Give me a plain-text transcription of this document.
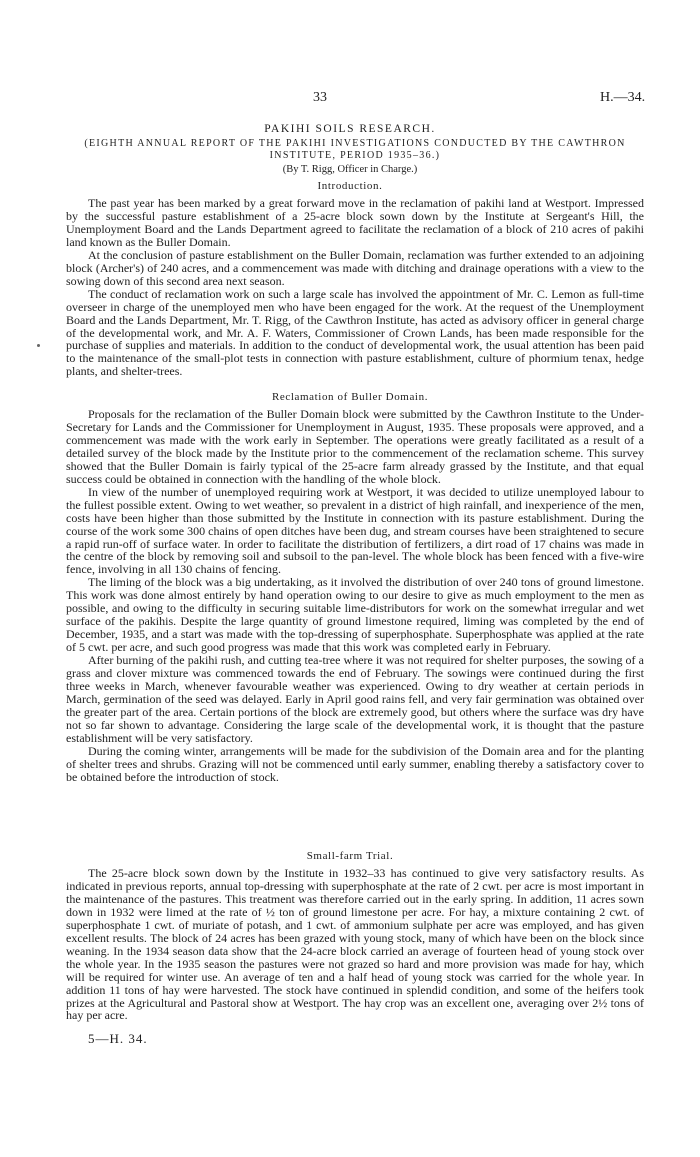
33	H.—34.
PAKIHI SOILS RESEARCH.
(EIGHTH ANNUAL REPORT OF THE PAKIHI INVESTIGATIONS CONDUCTED BY THE CAWTHRON INSTITUTE, PERIOD 1935–36.)
(By T. Rigg, Officer in Charge.)
Introduction.

The past year has been marked by a great forward move in the reclamation of pakihi land at Westport. Impressed by the successful pasture establishment of a 25-acre block sown down by the Institute at Sergeant's Hill, the Unemployment Board and the Lands Department agreed to facilitate the reclamation of a block of 210 acres of pakihi land known as the Buller Domain.

At the conclusion of pasture establishment on the Buller Domain, reclamation was further extended to an adjoining block (Archer's) of 240 acres, and a commencement was made with ditching and drainage operations with a view to the sowing down of this second area next season.

The conduct of reclamation work on such a large scale has involved the appointment of Mr. C. Lemon as full-time overseer in charge of the unemployed men who have been engaged for the work. At the request of the Unemployment Board and the Lands Department, Mr. T. Rigg, of the Cawthron Institute, has acted as advisory officer in general charge of the developmental work, and Mr. A. F. Waters, Commissioner of Crown Lands, has been made responsible for the purchase of supplies and materials. In addition to the conduct of developmental work, the usual attention has been paid to the maintenance of the small-plot tests in connection with pasture establishment, culture of phormium tenax, hedge plants, and shelter-trees.

Reclamation of Buller Domain.

Proposals for the reclamation of the Buller Domain block were submitted by the Cawthron Institute to the Under-Secretary for Lands and the Commissioner for Unemployment in August, 1935. These proposals were approved, and a commencement was made with the work early in September. The operations were greatly facilitated as a result of a detailed survey of the block made by the Institute prior to the commencement of the reclamation scheme. This survey showed that the Buller Domain is fairly typical of the 25-acre farm already grassed by the Institute, and that equal success could be obtained in connection with the handling of the whole block.

In view of the number of unemployed requiring work at Westport, it was decided to utilize unemployed labour to the fullest possible extent. Owing to wet weather, so prevalent in a district of high rainfall, and inexperience of the men, costs have been higher than those submitted by the Institute in connection with its pasture establishment. During the course of the work some 300 chains of open ditches have been dug, and stream courses have been straightened to secure a rapid run-off of surface water. In order to facilitate the distribution of fertilizers, a dirt road of 17 chains was made in the centre of the block by removing soil and subsoil to the pan-level. The whole block has been fenced with a five-wire fence, involving in all 130 chains of fencing.

The liming of the block was a big undertaking, as it involved the distribution of over 240 tons of ground limestone. This work was done almost entirely by hand operation owing to our desire to give as much employment to the men as possible, and owing to the difficulty in securing suitable lime-distributors for work on the somewhat irregular and wet surface of the pakihis. Despite the large quantity of ground limestone required, liming was completed by the end of December, 1935, and a start was made with the top-dressing of superphosphate. Superphosphate was applied at the rate of 5 cwt. per acre, and such good progress was made that this work was completed early in February.

After burning of the pakihi rush, and cutting tea-tree where it was not required for shelter purposes, the sowing of a grass and clover mixture was commenced towards the end of February. The sowings were continued during the first three weeks in March, whenever favourable weather was experienced. Owing to dry weather at certain periods in March, germination of the seed was delayed. Early in April good rains fell, and very fair germination was obtained over the greater part of the area. Certain portions of the block are extremely good, but others where the surface was dry have not so far shown to advantage. Considering the large scale of the developmental work, it is thought that the pasture establishment will be very satisfactory.

During the coming winter, arrangements will be made for the subdivision of the Domain area and for the planting of shelter trees and shrubs. Grazing will not be commenced until early summer, enabling thereby a satisfactory cover to be obtained before the introduction of stock.

Small-farm Trial.

The 25-acre block sown down by the Institute in 1932–33 has continued to give very satisfactory results. As indicated in previous reports, annual top-dressing with superphosphate at the rate of 2 cwt. per acre is most important in the maintenance of the pastures. This treatment was therefore carried out in the early spring. In addition, 11 acres sown down in 1932 were limed at the rate of ½ ton of ground limestone per acre. For hay, a mixture containing 2 cwt. of superphosphate 1 cwt. of muriate of potash, and 1 cwt. of ammonium sulphate per acre was employed, and has given excellent results. The block of 24 acres has been grazed with young stock, many of which have been on the block since weaning. In the 1934 season data show that the 24-acre block carried an average of fourteen head of young stock over the whole year. In the 1935 season the pastures were not grazed so hard and more provision was made for hay, which will be required for winter use. An average of ten and a half head of young stock was carried for the whole year. In addition 11 tons of hay were harvested. The stock have continued in splendid condition, and some of the heifers took prizes at the Agricultural and Pastoral show at Westport. The hay crop was an excellent one, averaging over 2½ tons of hay per acre.

5—H. 34.
